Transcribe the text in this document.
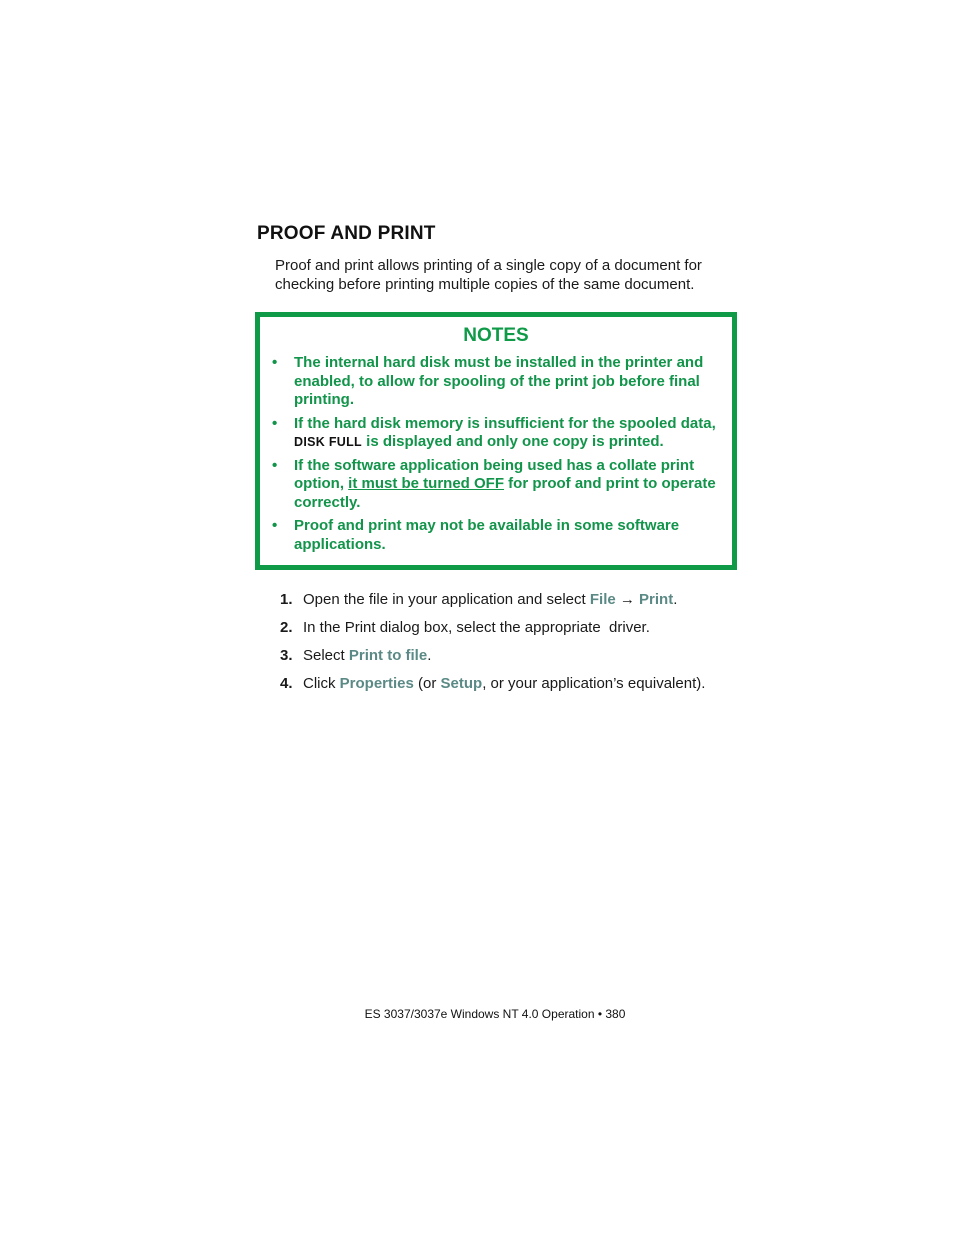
PROOF AND PRINT

Proof and print allows printing of a single copy of a document for checking before printing multiple copies of the same document.

NOTES
• The internal hard disk must be installed in the printer and enabled, to allow for spooling of the print job before final printing.
• If the hard disk memory is insufficient for the spooled data, DISK FULL is displayed and only one copy is printed.
• If the software application being used has a collate print option, it must be turned OFF for proof and print to operate correctly.
• Proof and print may not be available in some software applications.
1. Open the file in your application and select File → Print.
2. In the Print dialog box, select the appropriate  driver.
3. Select Print to file.
4. Click Properties (or Setup, or your application’s equivalent).
ES 3037/3037e Windows NT 4.0 Operation • 380
